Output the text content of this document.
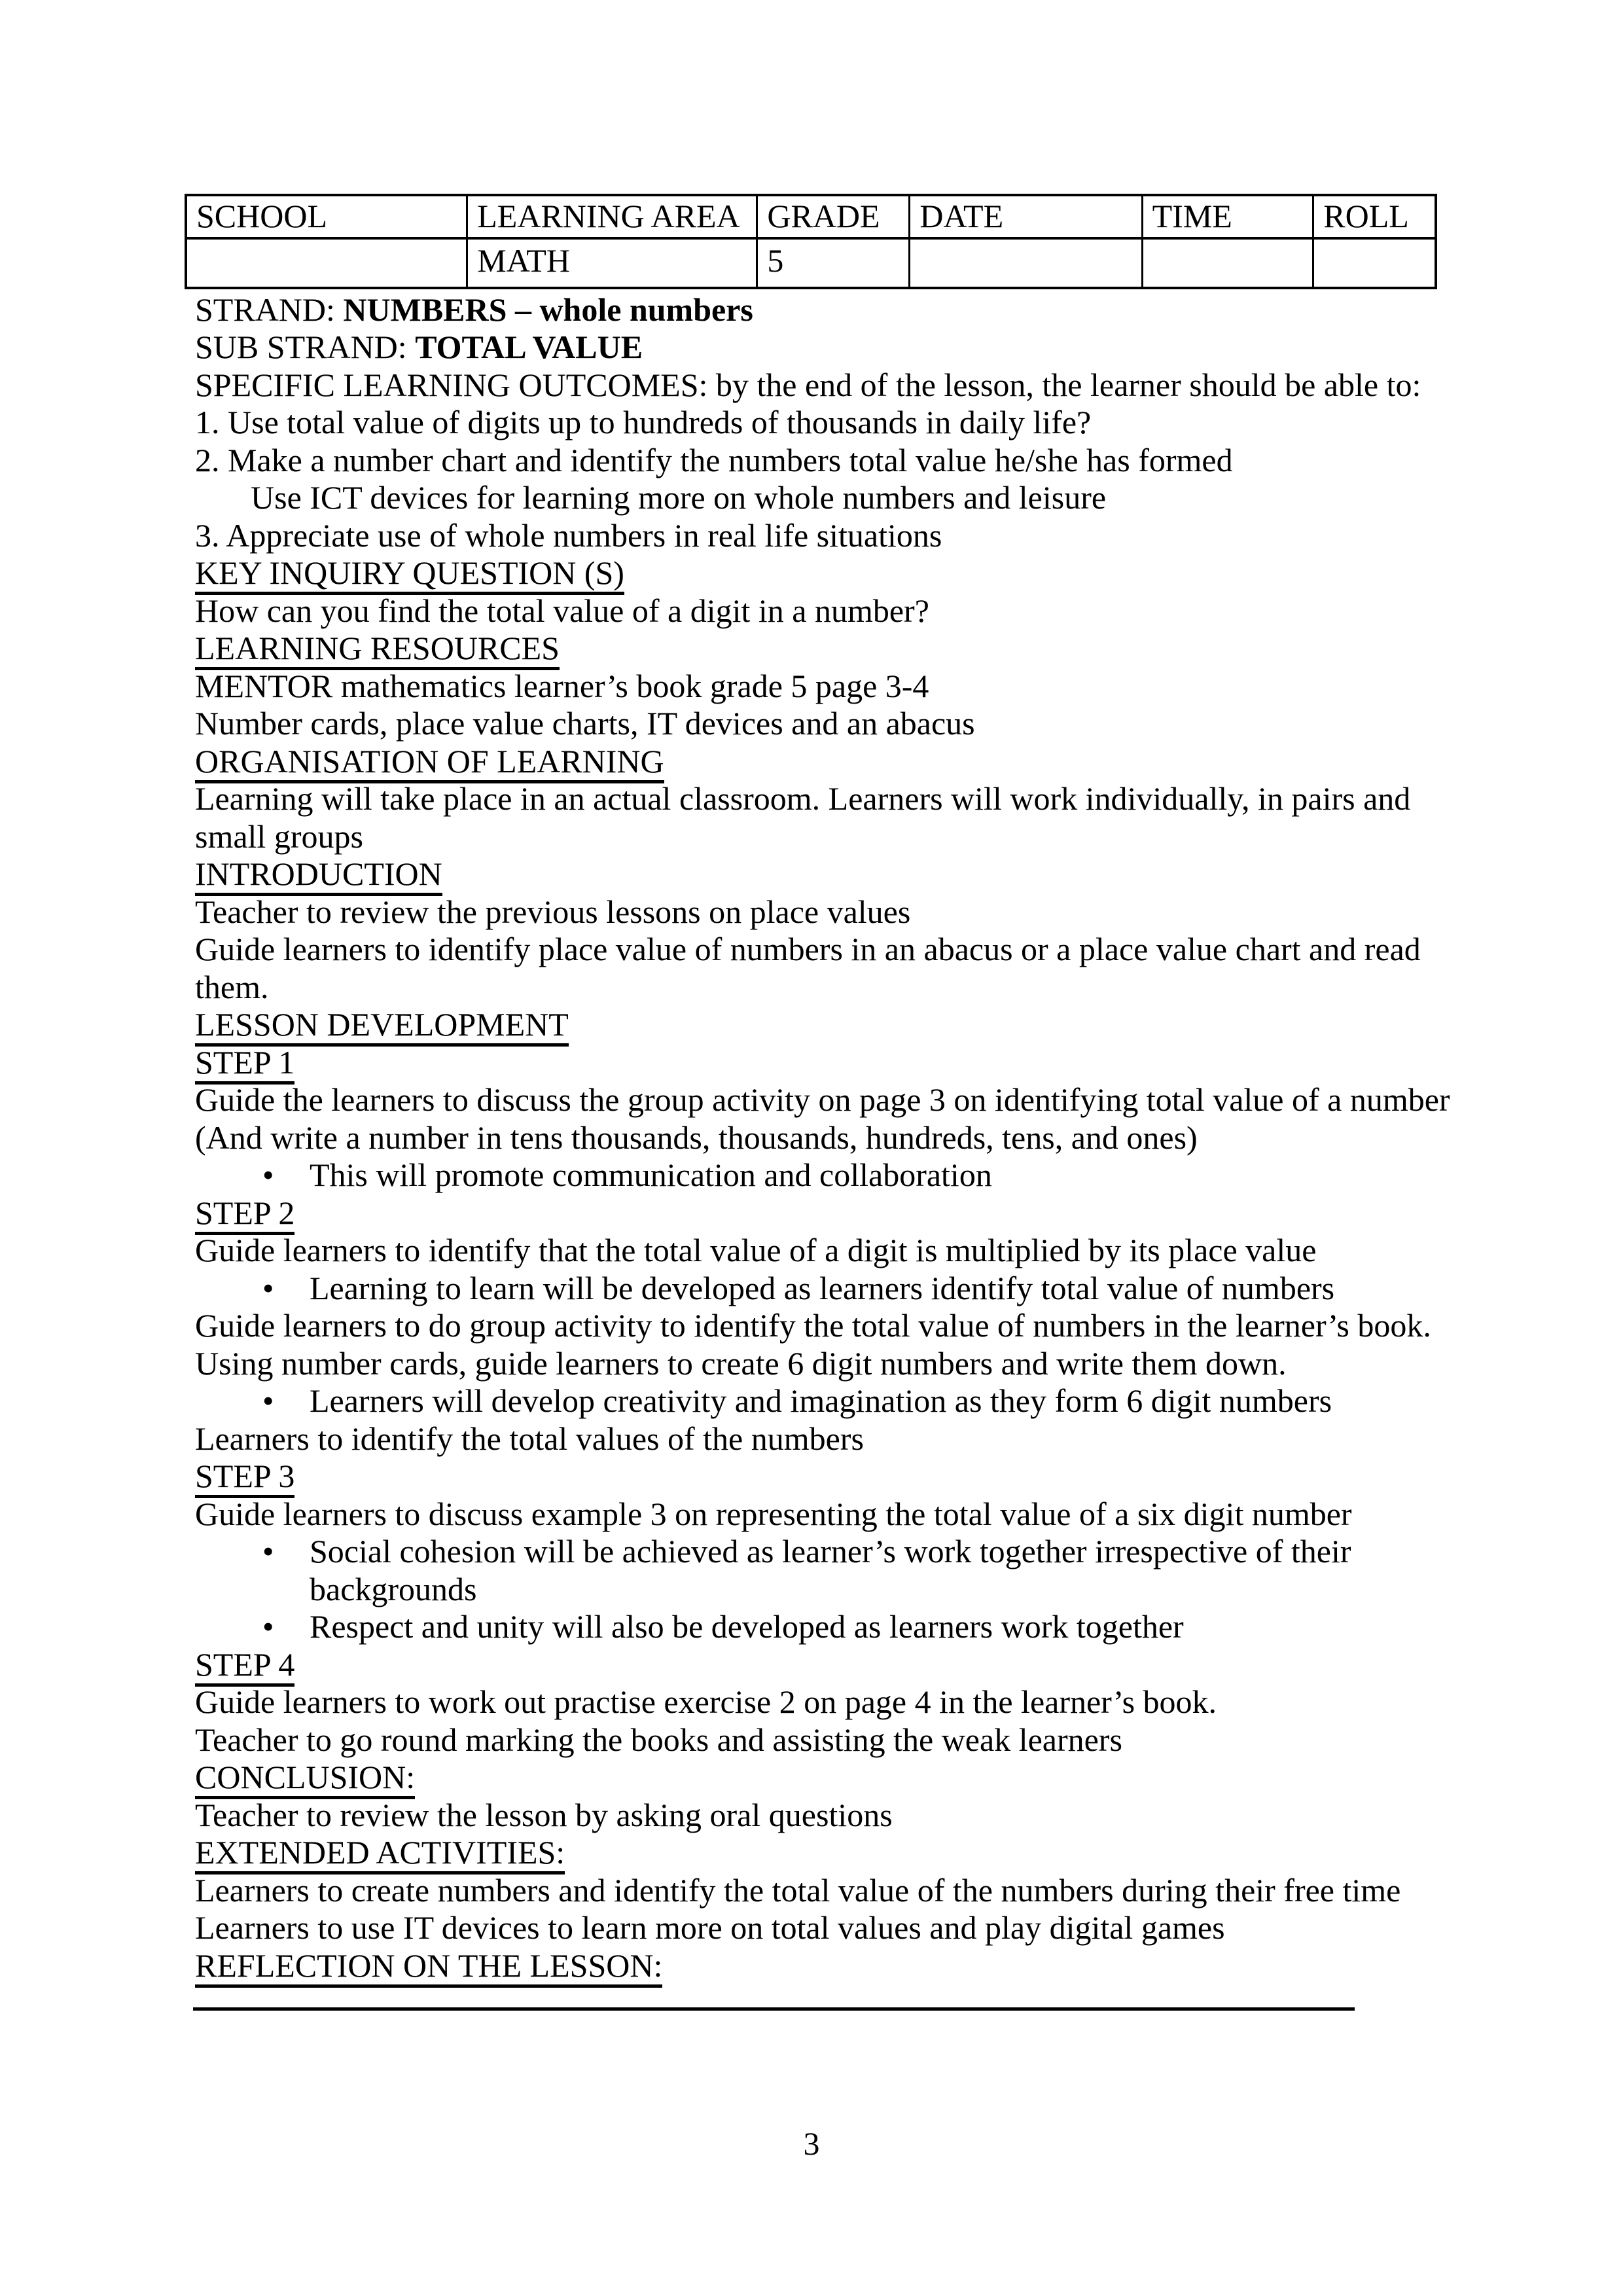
SCHOOL	LEARNING AREA	GRADE	DATE	TIME	ROLL
	MATH	5			

STRAND: NUMBERS – whole numbers

SUB STRAND: TOTAL VALUE

SPECIFIC LEARNING OUTCOMES: by the end of the lesson, the learner should be able to:

1. Use total value of digits up to hundreds of thousands in daily life?

2. Make a number chart and identify the numbers total value he/she has formed

Use ICT devices for learning more on whole numbers and leisure

3. Appreciate use of whole numbers in real life situations

KEY INQUIRY QUESTION (S)

How can you find the total value of a digit in a number?

LEARNING RESOURCES

MENTOR mathematics learner’s book grade 5 page 3-4

Number cards, place value charts, IT devices and an abacus

ORGANISATION OF LEARNING

Learning will take place in an actual classroom. Learners will work individually, in pairs and small groups

INTRODUCTION

Teacher to review the previous lessons on place values

Guide learners to identify place value of numbers in an abacus or a place value chart and read them.

LESSON DEVELOPMENT

STEP 1

Guide the learners to discuss the group activity on page 3 on identifying total value of a number

(And write a number in tens thousands, thousands, hundreds, tens, and ones)

•	This will promote communication and collaboration

STEP 2

Guide learners to identify that the total value of a digit is multiplied by its place value

•	Learning to learn will be developed as learners identify total value of numbers

Guide learners to do group activity to identify the total value of numbers in the learner’s book.

Using number cards, guide learners to create 6 digit numbers and write them down.

•	Learners will develop creativity and imagination as they form 6 digit numbers

Learners to identify the total values of the numbers

STEP 3

Guide learners to discuss example 3 on representing the total value of a six digit number

•	Social cohesion will be achieved as learner’s work together irrespective of their backgrounds

•	Respect and unity will also be developed as learners work together

STEP 4

Guide learners to work out practise exercise 2 on page 4 in the learner’s book.

Teacher to go round marking the books and assisting the weak learners

CONCLUSION:

Teacher to review the lesson by asking oral questions

EXTENDED ACTIVITIES:

Learners to create numbers and identify the total value of the numbers during their free time

Learners to use IT devices to learn more on total values and play digital games

REFLECTION ON THE LESSON:

3
